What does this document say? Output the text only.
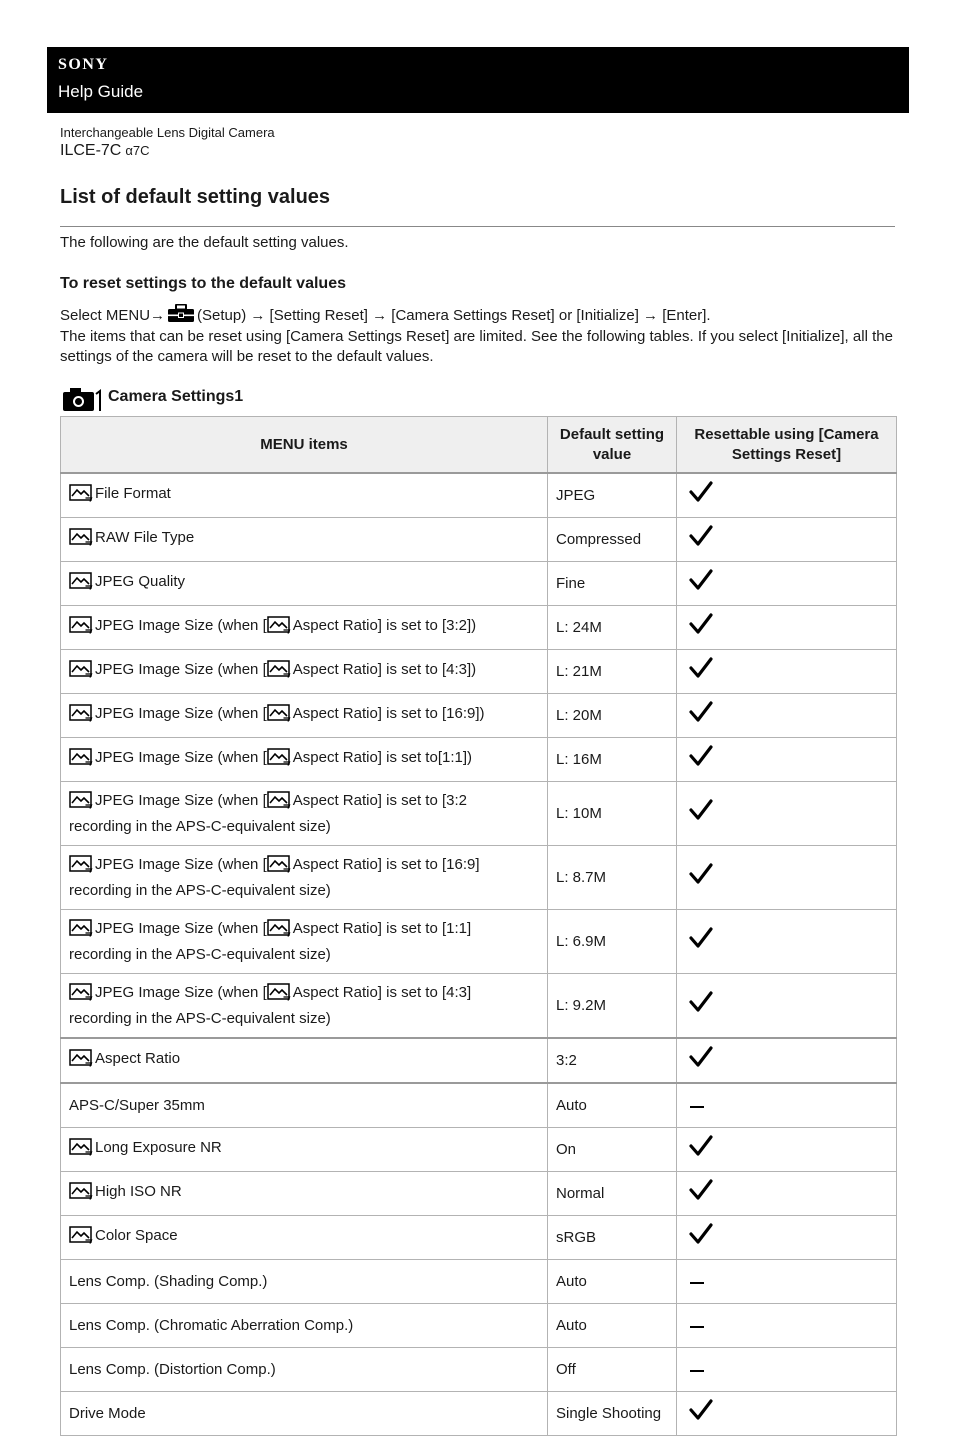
SONY
Help Guide
Interchangeable Lens Digital Camera
ILCE-7C α7C
List of default setting values
The following are the default setting values.
To reset settings to the default values
Select MENU→ (Setup) → [Setting Reset] → [Camera Settings Reset] or [Initialize] → [Enter].
The items that can be reset using [Camera Settings Reset] are limited. See the following tables. If you select [Initialize], all the settings of the camera will be reset to the default values.
Camera Settings1
MENU items	Default setting value	Resettable using [Camera Settings Reset]
File Format	JPEG	
RAW File Type	Compressed	
JPEG Quality	Fine	
JPEG Image Size (when [ Aspect Ratio] is set to [3:2])	L: 24M	
JPEG Image Size (when [ Aspect Ratio] is set to [4:3])	L: 21M	
JPEG Image Size (when [ Aspect Ratio] is set to [16:9])	L: 20M	
JPEG Image Size (when [ Aspect Ratio] is set to[1:1])	L: 16M	
JPEG Image Size (when [ Aspect Ratio] is set to [3:2
recording in the APS-C-equivalent size)	L: 10M	
JPEG Image Size (when [ Aspect Ratio] is set to [16:9]
recording in the APS-C-equivalent size)	L: 8.7M	
JPEG Image Size (when [ Aspect Ratio] is set to [1:1]
recording in the APS-C-equivalent size)	L: 6.9M	
JPEG Image Size (when [ Aspect Ratio] is set to [4:3]
recording in the APS-C-equivalent size)	L: 9.2M	
Aspect Ratio	3:2	
APS-C/Super 35mm	Auto	
Long Exposure NR	On	
High ISO NR	Normal	
Color Space	sRGB	
Lens Comp. (Shading Comp.)	Auto	
Lens Comp. (Chromatic Aberration Comp.)	Auto	
Lens Comp. (Distortion Comp.)	Off	
Drive Mode	Single Shooting	
